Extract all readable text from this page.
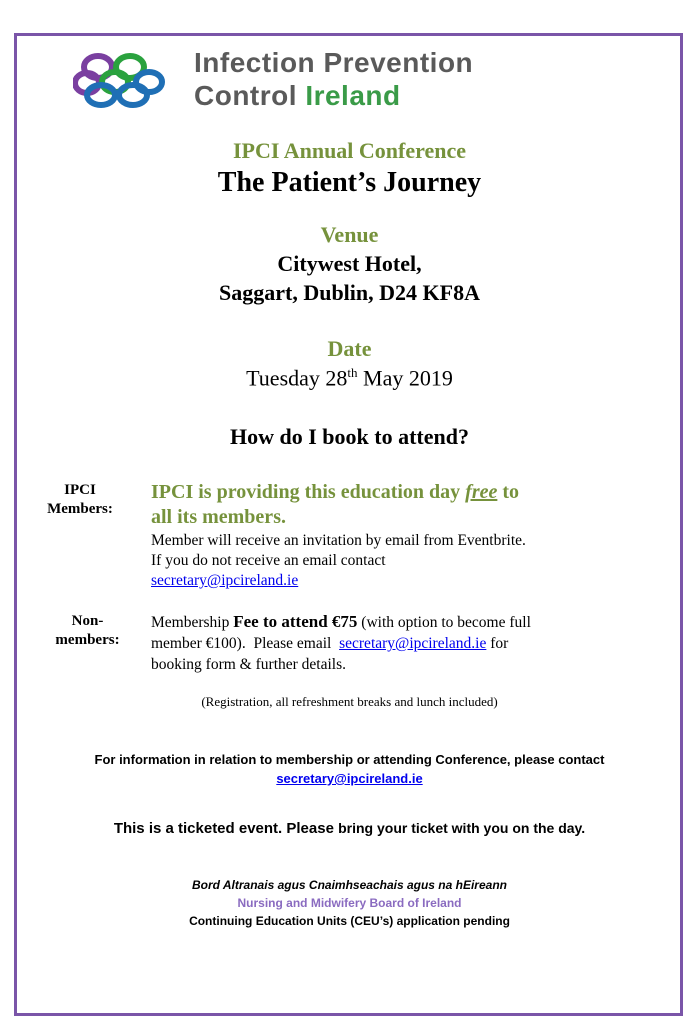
Infection Prevention
Control Ireland
IPCI Annual Conference
The Patient’s Journey
Venue
Citywest Hotel,
Saggart, Dublin, D24 KF8A
Date
Tuesday 28th May 2019
How do I book to attend?
IPCI
Members:
IPCI is providing this education day free to
all its members.
Member will receive an invitation by email from Eventbrite.
If you do not receive an email contact
secretary@ipcireland.ie
Non-
members:
Membership Fee to attend €75 (with option to become full
member €100).  Please email  secretary@ipcireland.ie for
booking form & further details.
(Registration, all refreshment breaks and lunch included)
For information in relation to membership or attending Conference, please contact
secretary@ipcireland.ie
This is a ticketed event. Please bring your ticket with you on the day.
Bord Altranais agus Cnaimhseachais agus na hEireann
Nursing and Midwifery Board of Ireland
Continuing Education Units (CEU’s) application pending
